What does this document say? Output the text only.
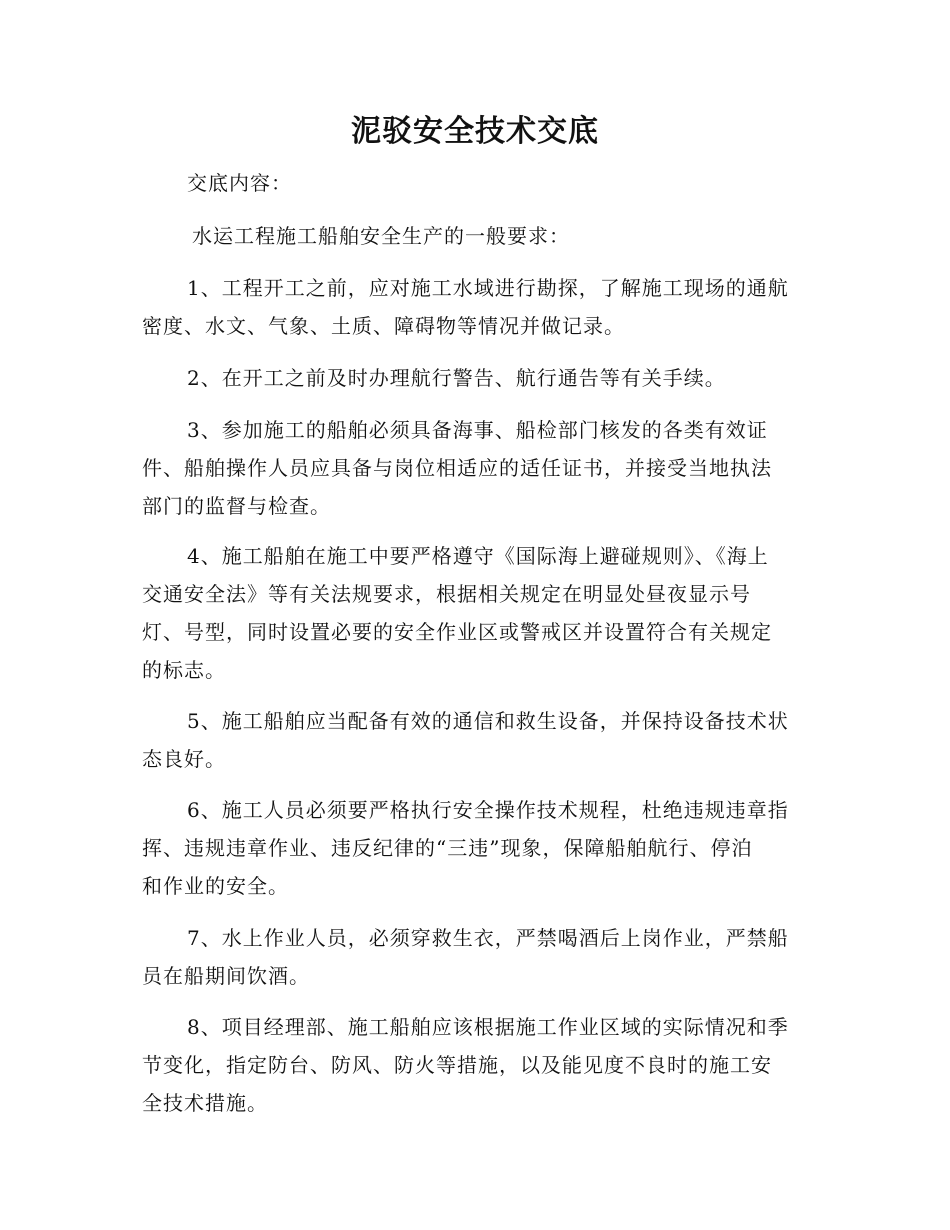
泥驳安全技术交底
交底内容：
水运工程施工船舶安全生产的一般要求：
1、工程开工之前，应对施工水域进行勘探，了解施工现场的通航
密度、水文、气象、土质、障碍物等情况并做记录。
2、在开工之前及时办理航行警告、航行通告等有关手续。
3、参加施工的船舶必须具备海事、船检部门核发的各类有效证
件、船舶操作人员应具备与岗位相适应的适任证书，并接受当地执法
部门的监督与检查。
4、施工船舶在施工中要严格遵守《国际海上避碰规则》、《海上
交通安全法》等有关法规要求，根据相关规定在明显处昼夜显示号
灯、号型，同时设置必要的安全作业区或警戒区并设置符合有关规定
的标志。
5、施工船舶应当配备有效的通信和救生设备，并保持设备技术状
态良好。
6、施工人员必须要严格执行安全操作技术规程，杜绝违规违章指
挥、违规违章作业、违反纪律的“三违”现象，保障船舶航行、停泊
和作业的安全。
7、水上作业人员，必须穿救生衣，严禁喝酒后上岗作业，严禁船
员在船期间饮酒。
8、项目经理部、施工船舶应该根据施工作业区域的实际情况和季
节变化，指定防台、防风、防火等措施，以及能见度不良时的施工安
全技术措施。
